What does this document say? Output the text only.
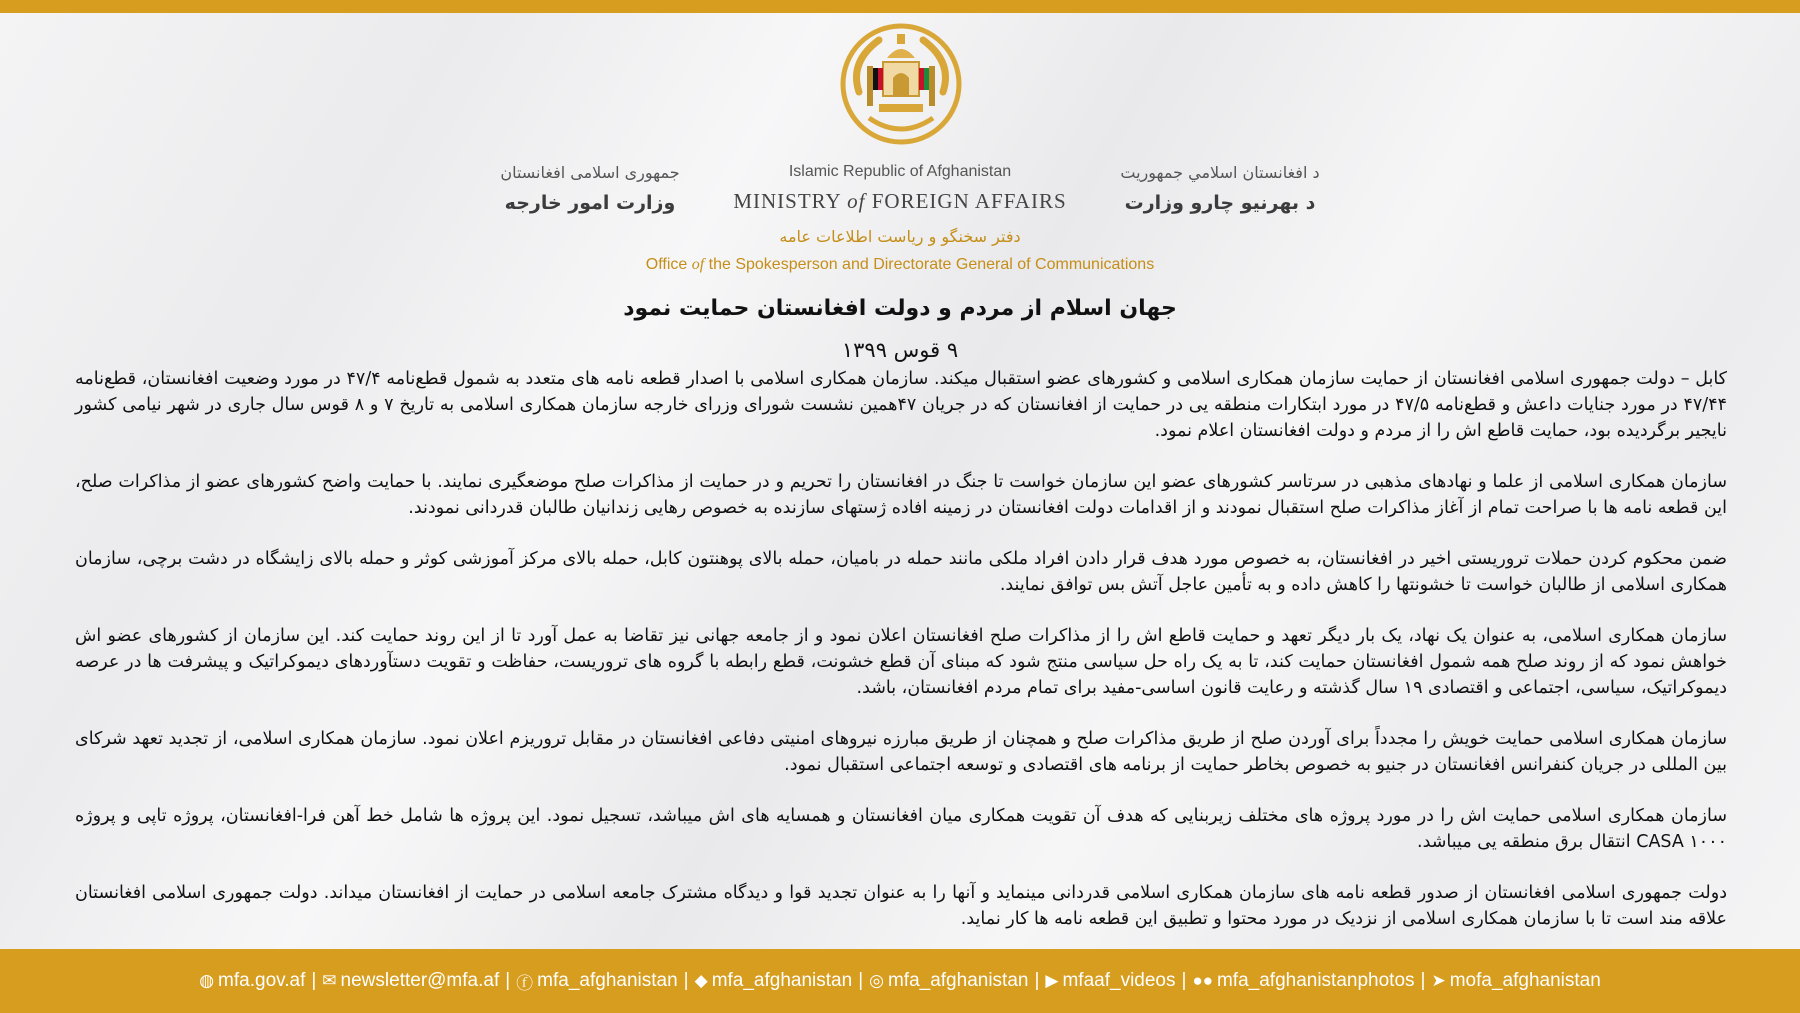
جمهوری اسلامی افغانستان
وزارت امور خارجه
Islamic Republic of Afghanistan
MINISTRY of FOREIGN AFFAIRS
د افغانستان اسلامي جمهوریت
د بهرنیو چارو وزارت
دفتر سخنگو و ریاست اطلاعات عامه
Office of the Spokesperson and Directorate General of Communications
جهان اسلام از مردم و دولت افغانستان حمایت نمود
۹ قوس ۱۳۹۹

کابل – دولت جمهوری اسلامی افغانستان از حمایت سازمان همکاری اسلامی و کشورهای عضو استقبال میکند. سازمان همکاری اسلامی با اصدار قطعه نامه های متعدد به شمول قطع‌نامه ۴۷/۴ در مورد وضعیت افغانستان، قطع‌نامه ۴۷/۴۴ در مورد جنایات داعش و قطع‌نامه ۴۷/۵ در مورد ابتکارات منطقه یی در حمایت از افغانستان که در جریان ۴۷همین نشست شورای وزرای خارجه سازمان همکاری اسلامی به تاریخ ۷ و ۸ قوس سال جاری در شهر نیامی کشور نایجیر برگردیده بود، حمایت قاطع اش را از مردم و دولت افغانستان اعلام نمود.

سازمان همکاری اسلامی از علما و نهادهای مذهبی در سرتاسر کشورهای عضو این سازمان خواست تا جنگ در افغانستان را تحریم و در حمایت از مذاکرات صلح موضعگیری نمایند. با حمایت واضح کشورهای عضو از مذاکرات صلح، این قطعه نامه ها با صراحت تمام از آغاز مذاکرات صلح استقبال نمودند و از اقدامات دولت افغانستان در زمینه افاده ژستهای سازنده به خصوص رهایی زندانیان طالبان قدردانی نمودند.

ضمن محکوم کردن حملات تروریستی اخیر در افغانستان، به خصوص مورد هدف قرار دادن افراد ملکی مانند حمله در بامیان، حمله بالای پوهنتون کابل، حمله بالای مرکز آموزشی کوثر و حمله بالای زایشگاه در دشت برچی، سازمان همکاری اسلامی از طالبان خواست تا خشونتها را کاهش داده و به تأمین عاجل آتش بس توافق نمایند.

سازمان همکاری اسلامی، به عنوان یک نهاد، یک بار دیگر تعهد و حمایت قاطع اش را از مذاکرات صلح افغانستان اعلان نمود و از جامعه جهانی نیز تقاضا به عمل آورد تا از این روند حمایت کند. این سازمان از کشورهای عضو اش خواهش نمود که از روند صلح همه شمول افغانستان حمایت کند، تا به یک راه حل سیاسی منتج شود که مبنای آن قطع خشونت، قطع رابطه با گروه های تروریست، حفاظت و تقویت دستآوردهای دیموکراتیک و پیشرفت ها در عرصه دیموکراتیک، سیاسی، اجتماعی و اقتصادی ۱۹ سال گذشته و رعایت قانون اساسی-مفید برای تمام مردم افغانستان، باشد.

سازمان همکاری اسلامی حمایت خویش را مجدداً برای آوردن صلح از طریق مذاکرات صلح و همچنان از طریق مبارزه نیروهای امنیتی دفاعی افغانستان در مقابل تروریزم اعلان نمود. سازمان همکاری اسلامی، از تجدید تعهد شرکای بین المللی در جریان کنفرانس افغانستان در جنیو به خصوص بخاطر حمایت از برنامه های اقتصادی و توسعه اجتماعی استقبال نمود.

سازمان همکاری اسلامی حمایت اش را در مورد پروژه های مختلف زیربنایی که هدف آن تقویت همکاری میان افغانستان و همسایه های اش میباشد، تسجیل نمود. این پروژه ها شامل خط آهن فرا-افغانستان، پروژه تاپی و پروژه CASA ۱۰۰۰ انتقال برق منطقه یی میباشد.

دولت جمهوری اسلامی افغانستان از صدور قطعه نامه های سازمان همکاری اسلامی قدردانی مینماید و آنها را به عنوان تجدید قوا و دیدگاه مشترک جامعه اسلامی در حمایت از افغانستان میداند. دولت جمهوری اسلامی افغانستان علاقه مند است تا با سازمان همکاری اسلامی از نزدیک در مورد محتوا و تطبیق این قطعه نامه ها کار نماید.

◍ mfa.gov.af | ✉ newsletter@mfa.af | ⓕ mfa_afghanistan | ◆ mfa_afghanistan | ◎ mfa_afghanistan | ▶ mfaaf_videos | ●● mfa_afghanistanphotos | ➤ mofa_afghanistan
